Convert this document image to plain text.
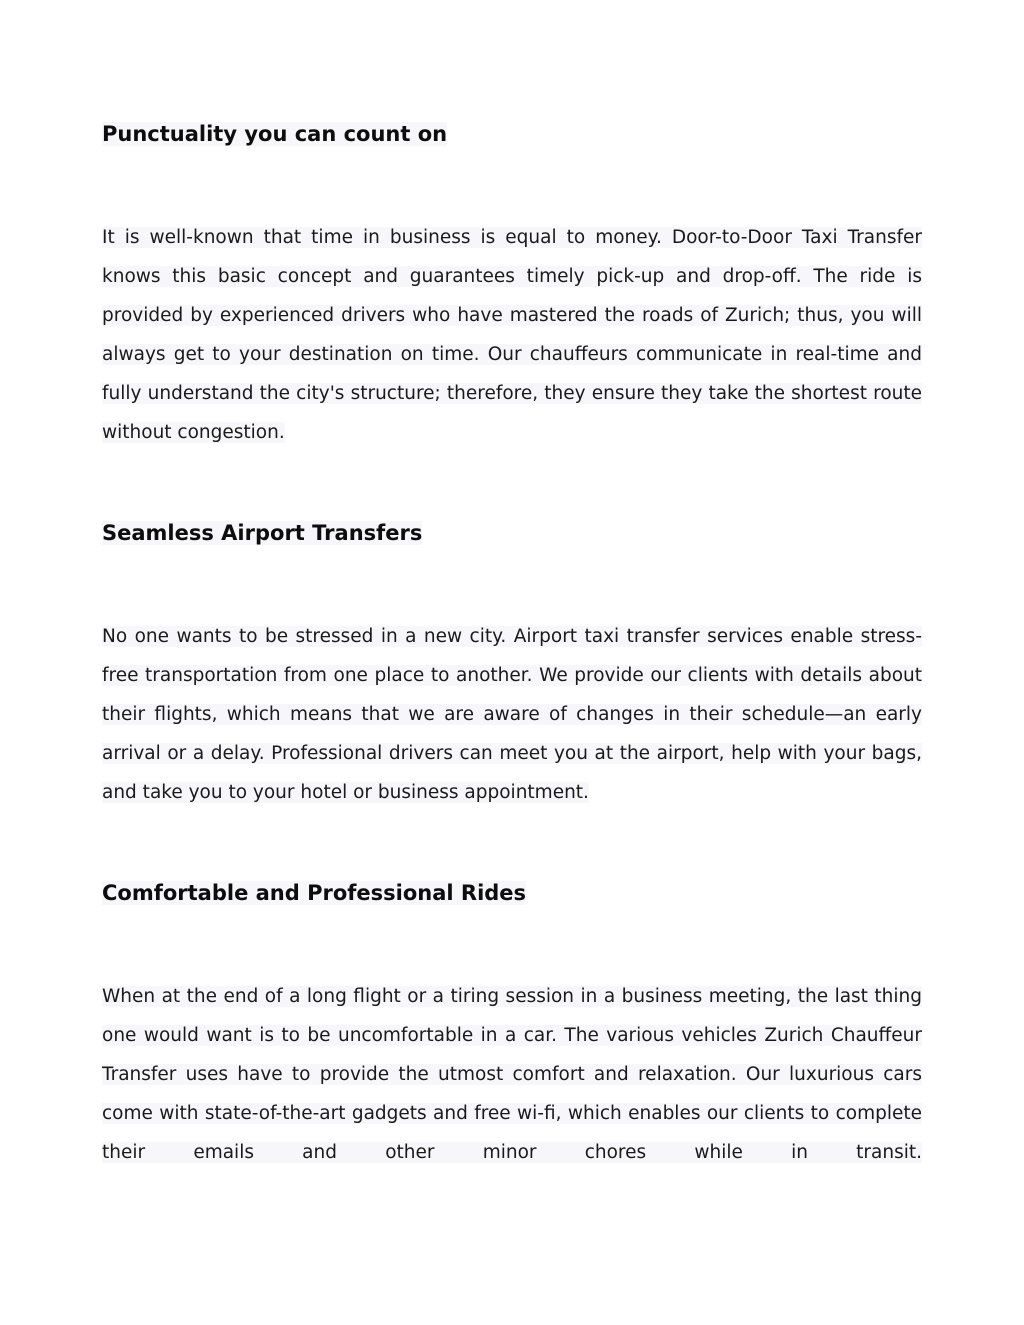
Punctuality you can count on

It is well-known that time in business is equal to money. Door-to-Door Taxi Transfer knows this basic concept and guarantees timely pick-up and drop-off. The ride is provided by experienced drivers who have mastered the roads of Zurich; thus, you will always get to your destination on time. Our chauffeurs communicate in real-time and fully understand the city's structure; therefore, they ensure they take the shortest route without congestion.

Seamless Airport Transfers

No one wants to be stressed in a new city. Airport taxi transfer services enable stress-free transportation from one place to another. We provide our clients with details about their flights, which means that we are aware of changes in their schedule—an early arrival or a delay. Professional drivers can meet you at the airport, help with your bags, and take you to your hotel or business appointment.

Comfortable and Professional Rides

When at the end of a long flight or a tiring session in a business meeting, the last thing one would want is to be uncomfortable in a car. The various vehicles Zurich Chauffeur Transfer uses have to provide the utmost comfort and relaxation. Our luxurious cars come with state-of-the-art gadgets and free wi-fi, which enables our clients to complete their emails and other minor chores while in transit.
